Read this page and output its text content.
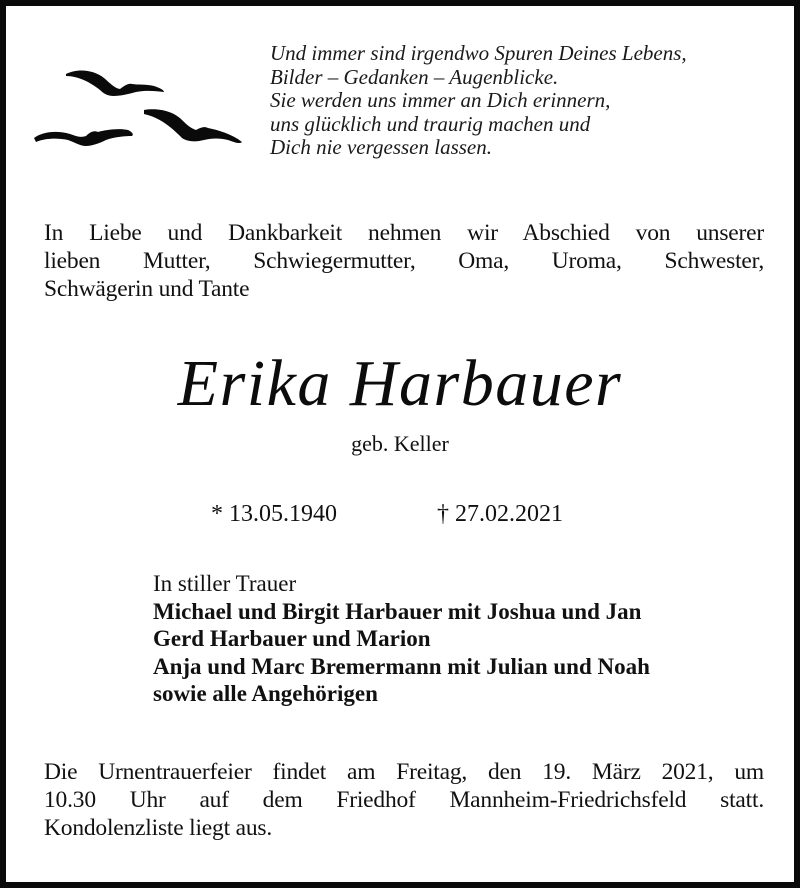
Und immer sind irgendwo Spuren Deines Lebens,
Bilder – Gedanken – Augenblicke.
Sie werden uns immer an Dich erinnern,
uns glücklich und traurig machen und
Dich nie vergessen lassen.
In Liebe und Dankbarkeit nehmen wir Abschied von unserer
lieben Mutter, Schwiegermutter, Oma, Uroma, Schwester,
Schwägerin und Tante
Erika Harbauer
geb. Keller
* 13.05.1940	† 27.02.2021
In stiller Trauer
Michael und Birgit Harbauer mit Joshua und Jan
Gerd Harbauer und Marion
Anja und Marc Bremermann mit Julian und Noah
sowie alle Angehörigen
Die Urnentrauerfeier findet am Freitag, den 19. März 2021, um
10.30 Uhr auf dem Friedhof Mannheim-Friedrichsfeld statt.
Kondolenzliste liegt aus.
